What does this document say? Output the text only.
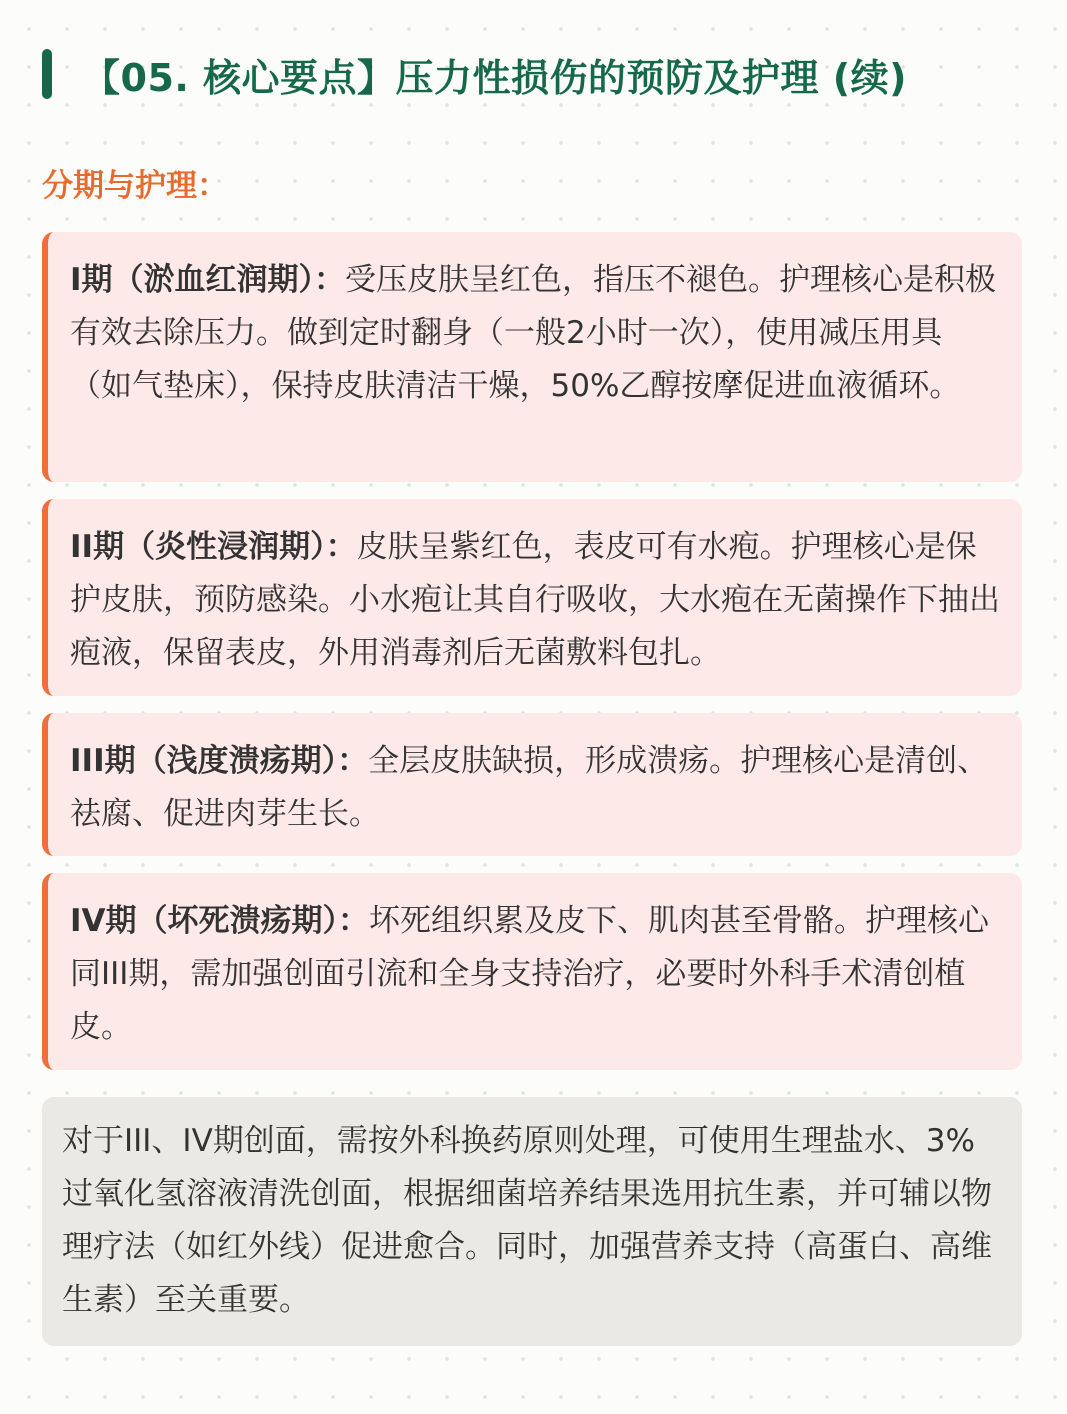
【05. 核心要点】压力性损伤的预防及护理 (续)
分期与护理：
I期（淤血红润期）：受压皮肤呈红色，指压不褪色。护理核心是积极有效去除压力。做到定时翻身（一般2小时一次），使用减压用具（如气垫床），保持皮肤清洁干燥，50%乙醇按摩促进血液循环。
II期（炎性浸润期）：皮肤呈紫红色，表皮可有水疱。护理核心是保护皮肤，预防感染。小水疱让其自行吸收，大水疱在无菌操作下抽出疱液，保留表皮，外用消毒剂后无菌敷料包扎。
III期（浅度溃疡期）：全层皮肤缺损，形成溃疡。护理核心是清创、祛腐、促进肉芽生长。
IV期（坏死溃疡期）：坏死组织累及皮下、肌肉甚至骨骼。护理核心同III期，需加强创面引流和全身支持治疗，必要时外科手术清创植皮。
对于III、IV期创面，需按外科换药原则处理，可使用生理盐水、3%过氧化氢溶液清洗创面，根据细菌培养结果选用抗生素，并可辅以物理疗法（如红外线）促进愈合。同时，加强营养支持（高蛋白、高维生素）至关重要。
